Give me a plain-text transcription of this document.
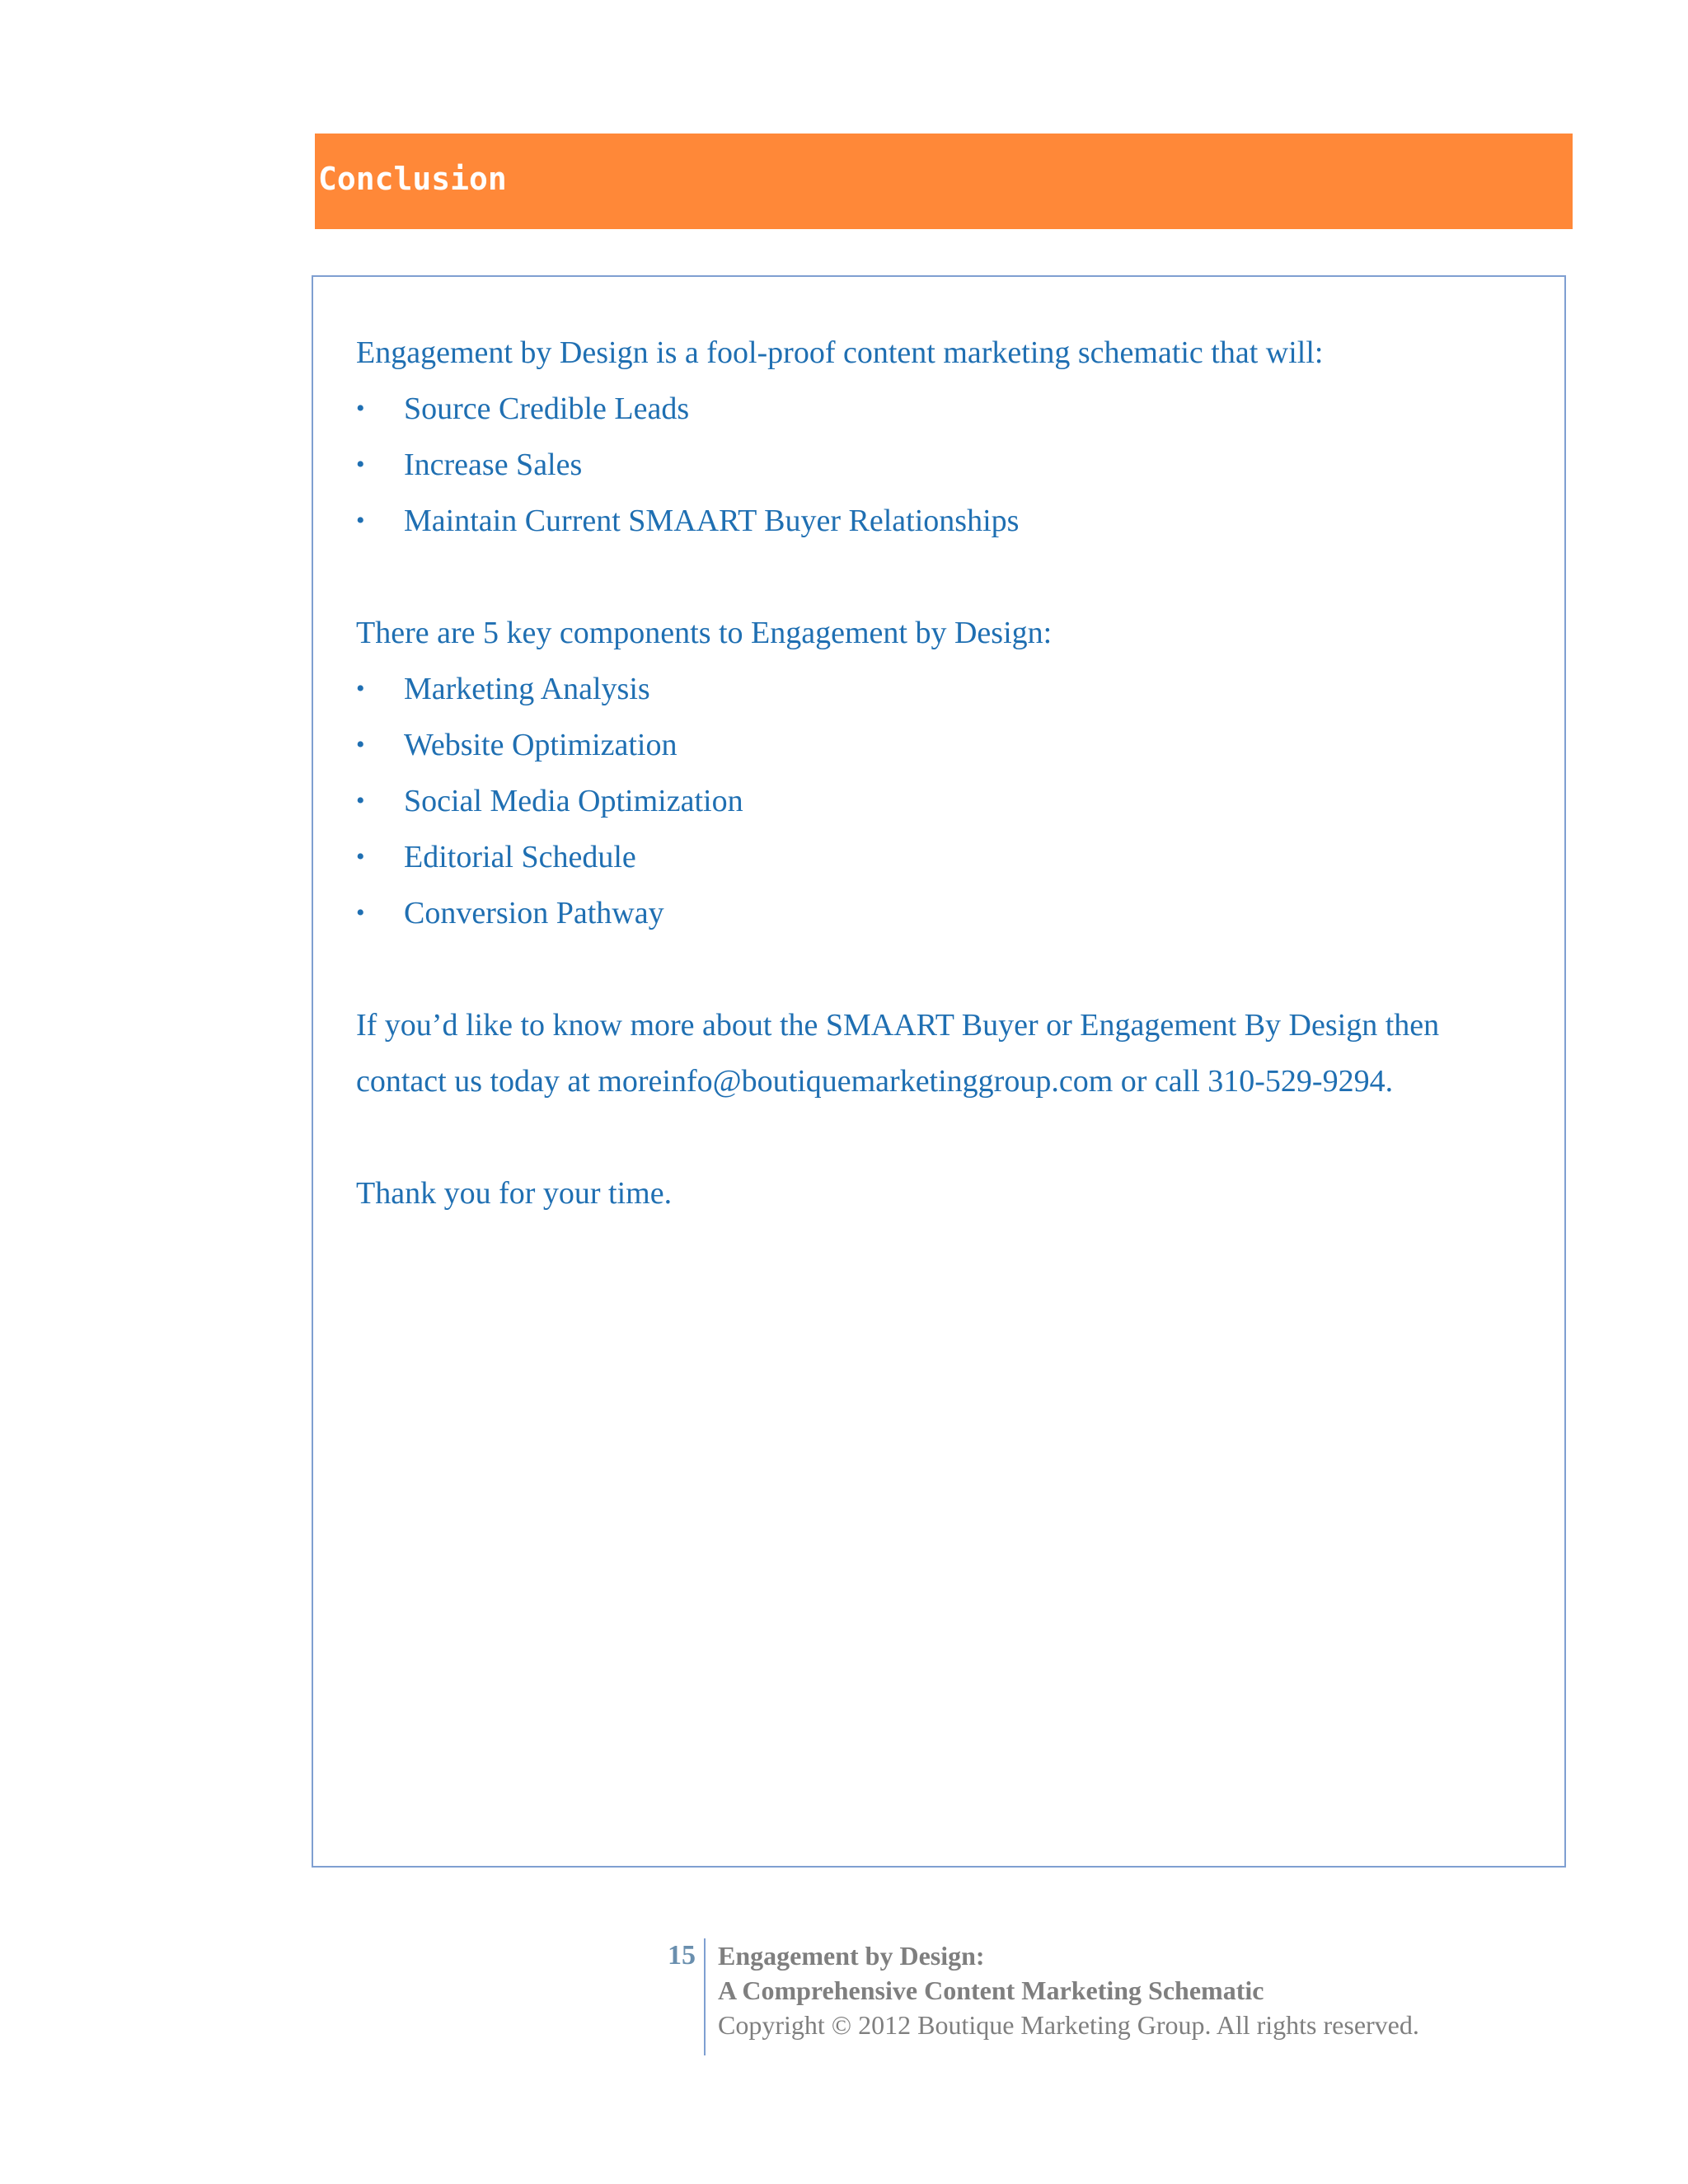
Conclusion

Engagement by Design is a fool-proof content marketing schematic that will:

• Source Credible Leads
• Increase Sales
• Maintain Current SMAART Buyer Relationships

There are 5 key components to Engagement by Design:

• Marketing Analysis
• Website Optimization
• Social Media Optimization
• Editorial Schedule
• Conversion Pathway

If you’d like to know more about the SMAART Buyer or Engagement By Design then

contact us today at moreinfo@boutiquemarketinggroup.com or call 310-529-9294.

Thank you for your time.

15 Engagement by Design:
A Comprehensive Content Marketing Schematic
Copyright © 2012 Boutique Marketing Group. All rights reserved.
